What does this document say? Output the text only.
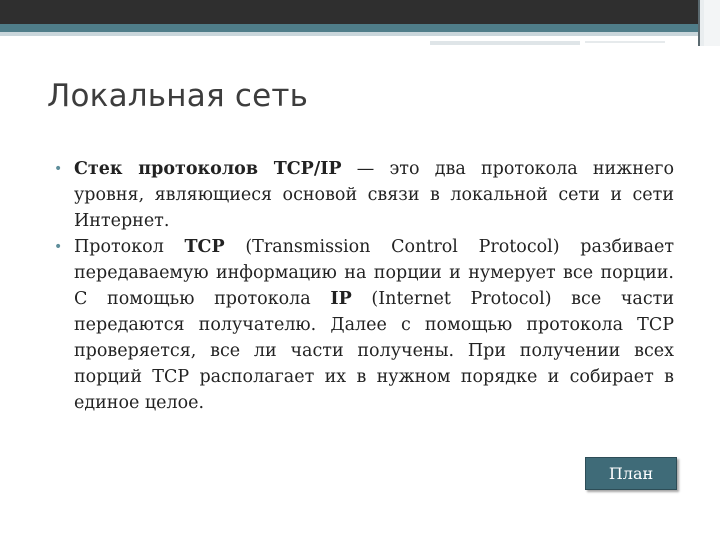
Локальная сеть
• Стек протоколов TCP/IP — это два протокола нижнего уровня, являющиеся основой связи в локальной сети и сети Интернет.
• Протокол TCP (Transmission Control Protocol) разбивает передаваемую информацию на порции и нумерует все порции. С помощью протокола IP (Internet Protocol) все части передаются получателю. Далее с помощью протокола TCP проверяется, все ли части получены. При получении всех порций TCP располагает их в нужном порядке и собирает в единое целое.
План
